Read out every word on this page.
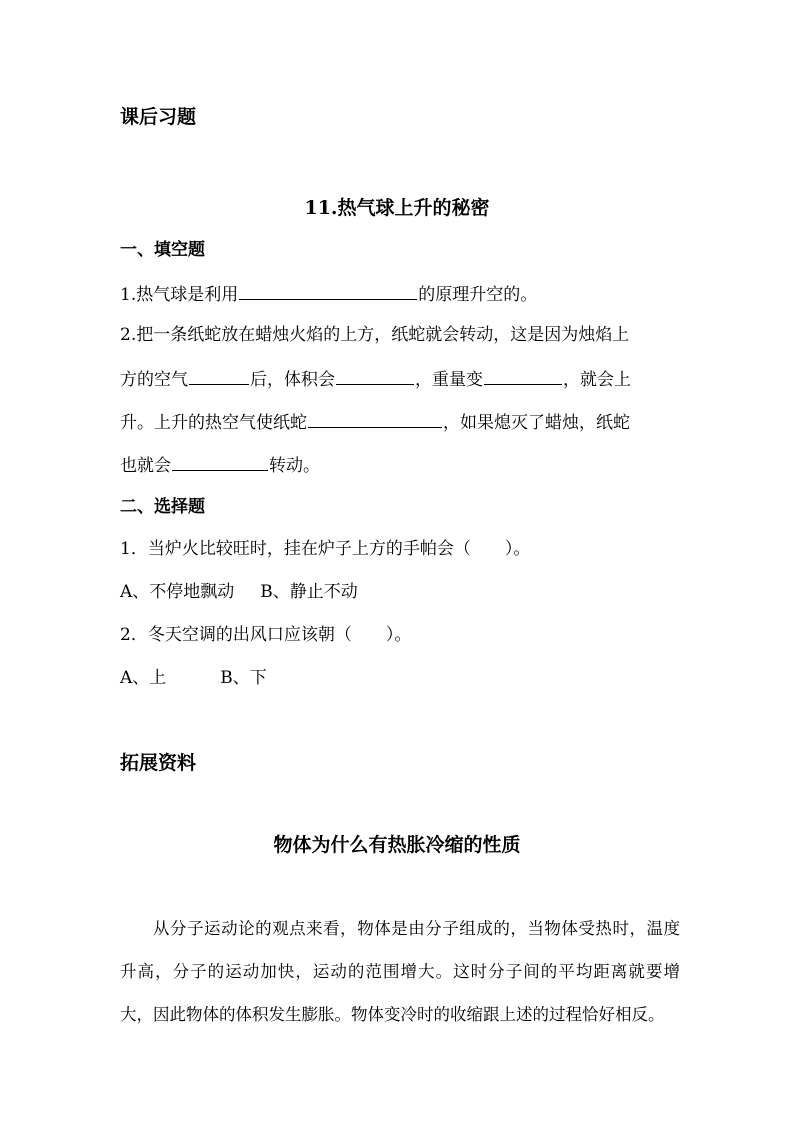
课后习题
11.热气球上升的秘密
一、填空题
1.热气球是利用	的原理升空的。
2.把一条纸蛇放在蜡烛火焰的上方，纸蛇就会转动，这是因为烛焰上
方的空气	后，体积会	，重量变	，就会上
升。上升的热空气使纸蛇	，如果熄灭了蜡烛，纸蛇
也就会	转动。
二、选择题
1．当炉火比较旺时，挂在炉子上方的手帕会（　　）。
A、不停地飘动 B、静止不动
2．冬天空调的出风口应该朝（　　）。
A、上	B、下
拓展资料
物体为什么有热胀冷缩的性质
从分子运动论的观点来看，物体是由分子组成的，当物体受热时，温度升高，分子的运动加快，运动的范围增大。这时分子间的平均距离就要增大，因此物体的体积发生膨胀。物体变冷时的收缩跟上述的过程恰好相反。
